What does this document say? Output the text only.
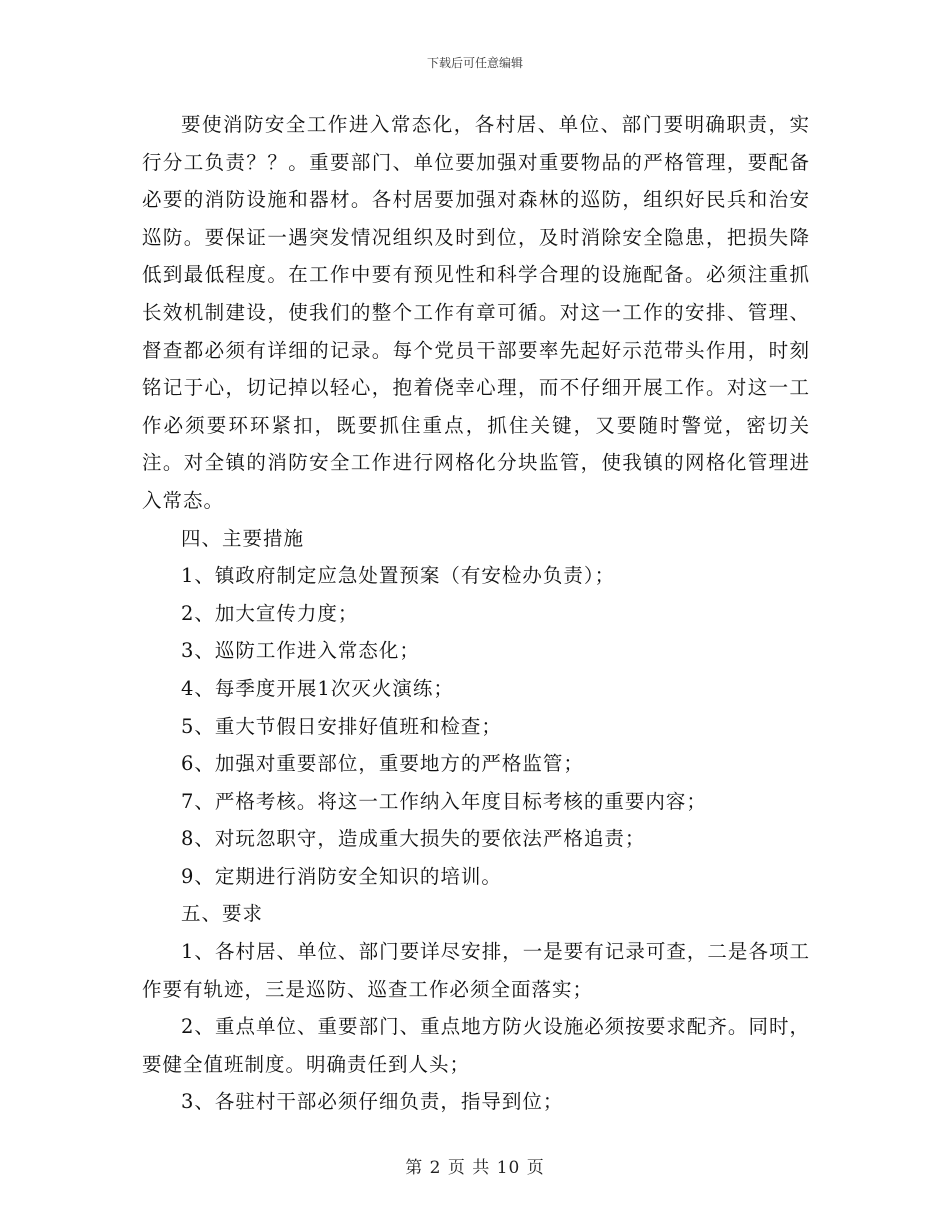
下载后可任意编辑

要使消防安全工作进入常态化，各村居、单位、部门要明确职责，实行分工负责？？。重要部门、单位要加强对重要物品的严格管理，要配备必要的消防设施和器材。各村居要加强对森林的巡防，组织好民兵和治安巡防。要保证一遇突发情况组织及时到位，及时消除安全隐患，把损失降低到最低程度。在工作中要有预见性和科学合理的设施配备。必须注重抓长效机制建设，使我们的整个工作有章可循。对这一工作的安排、管理、督查都必须有详细的记录。每个党员干部要率先起好示范带头作用，时刻铭记于心，切记掉以轻心，抱着侥幸心理，而不仔细开展工作。对这一工作必须要环环紧扣，既要抓住重点，抓住关键，又要随时警觉，密切关注。对全镇的消防安全工作进行网格化分块监管，使我镇的网格化管理进入常态。

四、主要措施

1、镇政府制定应急处置预案（有安检办负责）；

2、加大宣传力度；

3、巡防工作进入常态化；

4、每季度开展1次灭火演练；

5、重大节假日安排好值班和检查；

6、加强对重要部位，重要地方的严格监管；

7、严格考核。将这一工作纳入年度目标考核的重要内容；

8、对玩忽职守，造成重大损失的要依法严格追责；

9、定期进行消防安全知识的培训。

五、要求

1、各村居、单位、部门要详尽安排，一是要有记录可查，二是各项工作要有轨迹，三是巡防、巡查工作必须全面落实；

2、重点单位、重要部门、重点地方防火设施必须按要求配齐。同时，要健全值班制度。明确责任到人头；

3、各驻村干部必须仔细负责，指导到位；

第 2 页 共 10 页
